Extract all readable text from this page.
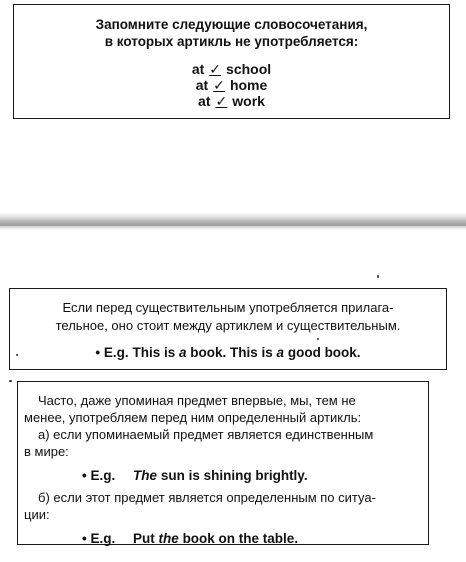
Запомните следующие словосочетания,
в которых артикль не употребляется:
at ✓ school
at ✓ home
at ✓ work
Если перед существительным употребляется прилага-
тельное, оно стоит между артиклем и существительным.
• E.g. This is a book. This is a good book.

Часто, даже упоминая предмет впервые, мы, тем не
менее, употребляем перед ним определенный артикль:

а) если упоминаемый предмет является единственным
в мире:

• E.g. The sun is shining brightly.

б) если этот предмет является определенным по ситуа-
ции:

• E.g. Put the book on the table.
